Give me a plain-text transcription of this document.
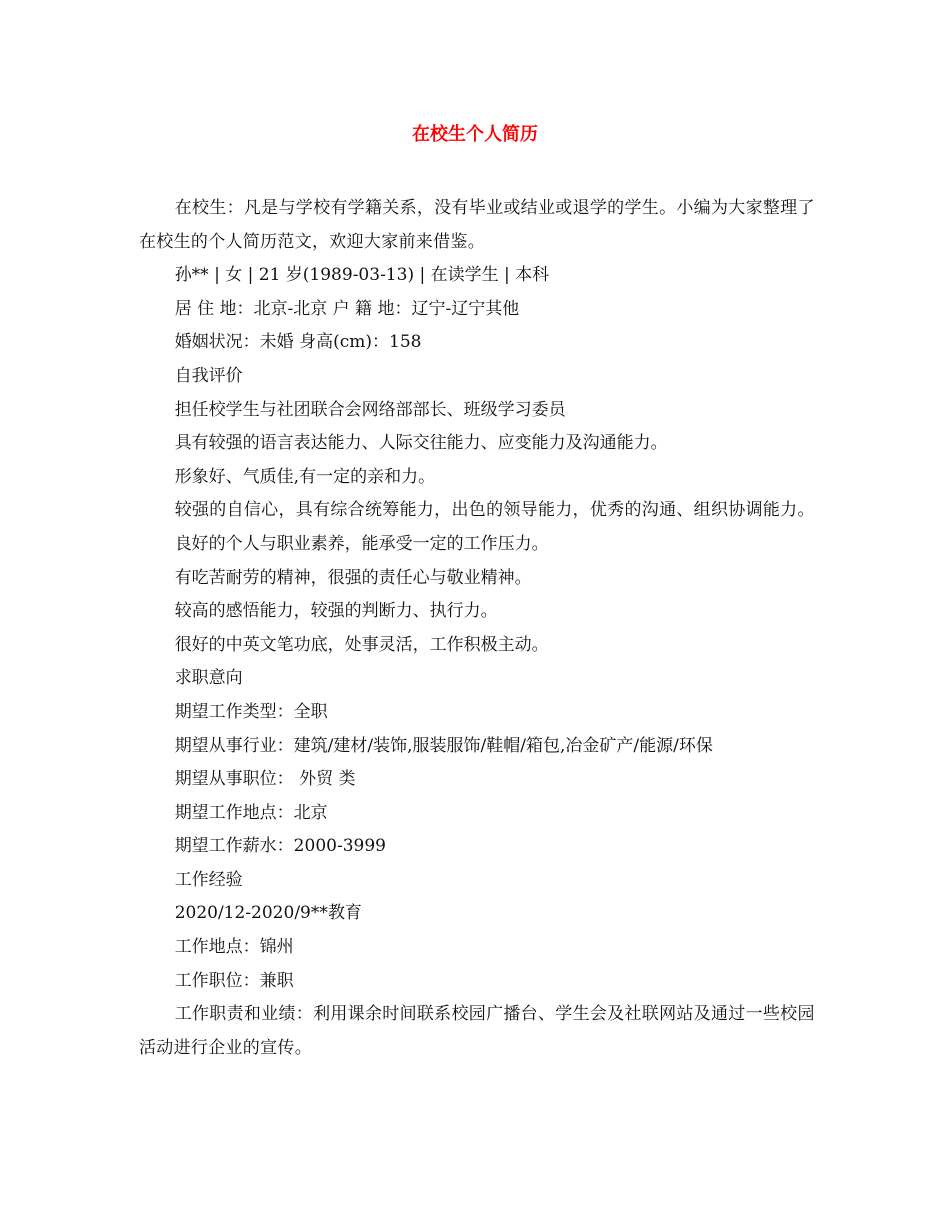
在校生个人简历

在校生：凡是与学校有学籍关系，没有毕业或结业或退学的学生。小编为大家整理了在校生的个人简历范文，欢迎大家前来借鉴。

孙** | 女 | 21 岁(1989-03-13) | 在读学生 | 本科

居 住 地：北京-北京 户 籍 地：辽宁-辽宁其他

婚姻状况：未婚 身高(cm)：158

自我评价

担任校学生与社团联合会网络部部长、班级学习委员

具有较强的语言表达能力、人际交往能力、应变能力及沟通能力。

形象好、气质佳,有一定的亲和力。

较强的自信心，具有综合统筹能力，出色的领导能力，优秀的沟通、组织协调能力。

良好的个人与职业素养，能承受一定的工作压力。

有吃苦耐劳的精神，很强的责任心与敬业精神。

较高的感悟能力，较强的判断力、执行力。

很好的中英文笔功底，处事灵活，工作积极主动。

求职意向

期望工作类型：全职

期望从事行业：建筑/建材/装饰,服装服饰/鞋帽/箱包,冶金矿产/能源/环保

期望从事职位： 外贸 类

期望工作地点：北京

期望工作薪水：2000-3999

工作经验

2020/12-2020/9**教育

工作地点：锦州

工作职位：兼职

工作职责和业绩：利用课余时间联系校园广播台、学生会及社联网站及通过一些校园活动进行企业的宣传。
